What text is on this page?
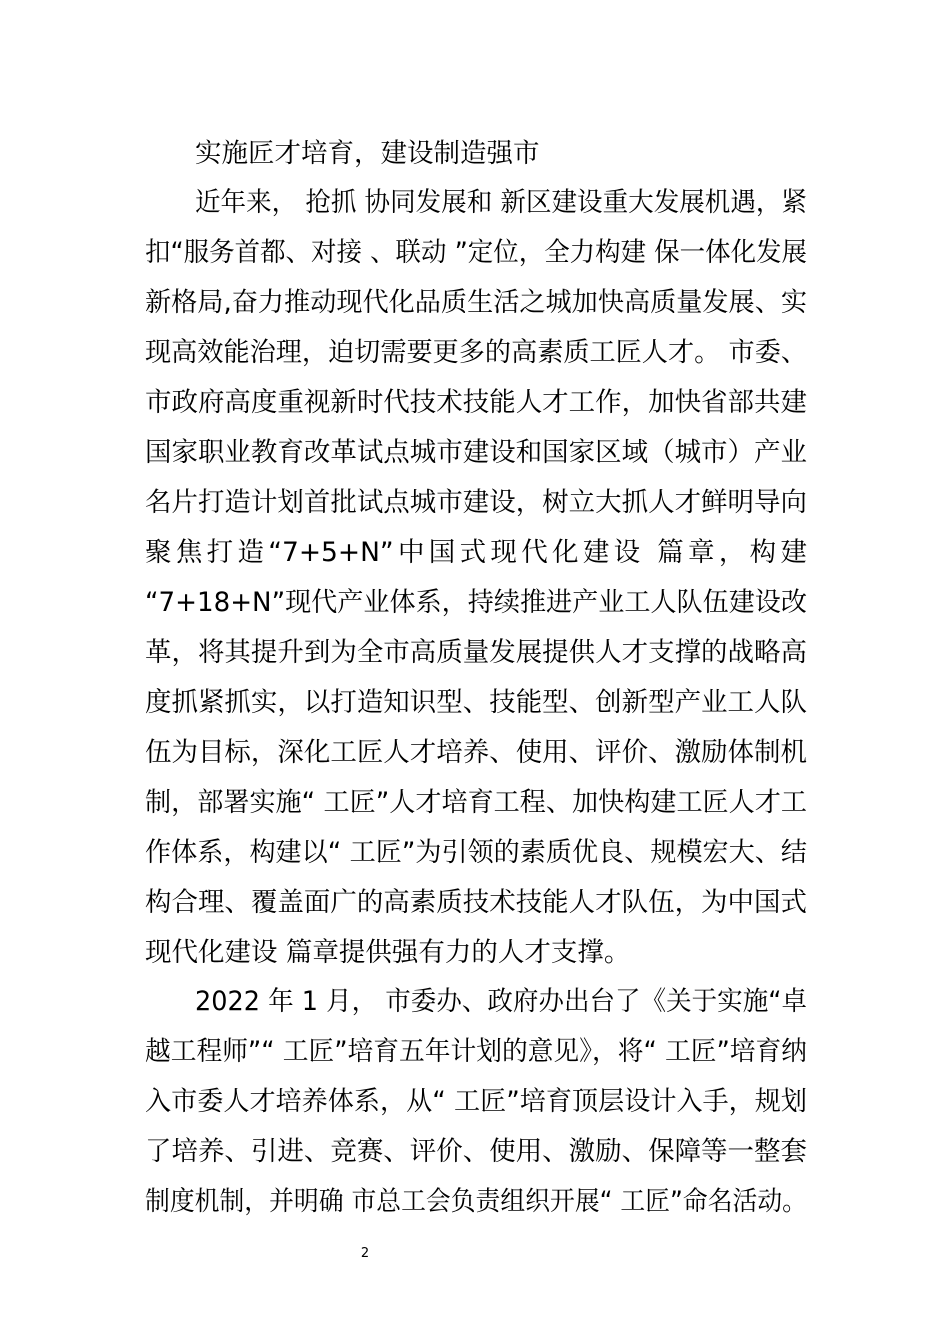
实施匠才培育，建设制造强市
近年来， 抢抓 协同发展和 新区建设重大发展机遇，紧
扣“服务首都、对接 、联动 ”定位，全力构建 保一体化发展
新格局,奋力推动现代化品质生活之城加快高质量发展、实
现高效能治理，迫切需要更多的高素质工匠人才。 市委、
市政府高度重视新时代技术技能人才工作，加快省部共建
国家职业教育改革试点城市建设和国家区域（城市）产业
名片打造计划首批试点城市建设，树立大抓人才鲜明导向
聚焦打造“7+5+N”中国式现代化建设 篇章，构建
“7+18+N”现代产业体系，持续推进产业工人队伍建设改
革，将其提升到为全市高质量发展提供人才支撑的战略高
度抓紧抓实，以打造知识型、技能型、创新型产业工人队
伍为目标，深化工匠人才培养、使用、评价、激励体制机
制，部署实施“ 工匠”人才培育工程、加快构建工匠人才工
作体系，构建以“ 工匠”为引领的素质优良、规模宏大、结
构合理、覆盖面广的高素质技术技能人才队伍，为中国式
现代化建设 篇章提供强有力的人才支撑。
2022 年 1 月， 市委办、政府办出台了《关于实施“卓
越工程师”“ 工匠”培育五年计划的意见》，将“ 工匠”培育纳
入市委人才培养体系，从“ 工匠”培育顶层设计入手，规划
了培养、引进、竞赛、评价、使用、激励、保障等一整套
制度机制，并明确 市总工会负责组织开展“ 工匠”命名活动。
2
